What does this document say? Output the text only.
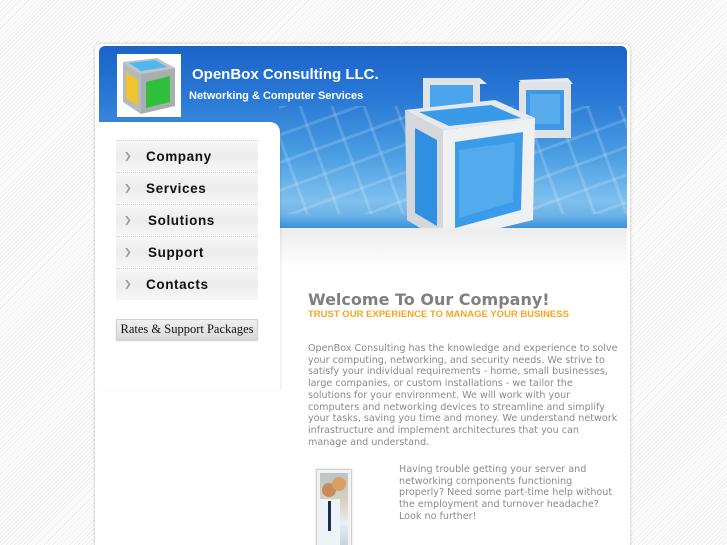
OpenBox Consulting LLC.
Networking & Computer Services
❯	Company
❯	Services
❯	Solutions
❯	Support
❯	Contacts
Rates & Support Packages
Welcome To Our Company!
TRUST OUR EXPERIENCE TO MANAGE YOUR BUSINESS

OpenBox Consulting has the knowledge and experience to solve your computing, networking, and security needs. We strive to satisfy your individual requirements - home, small businesses, large companies, or custom installations - we tailor the solutions for your environment. We will work with your computers and networking devices to streamline and simplify your tasks, saving you time and money. We understand network infrastructure and implement architectures that you can manage and understand.

Having trouble getting your server and networking components functioning properly? Need some part-time help without the employment and turnover headache? Look no further!
